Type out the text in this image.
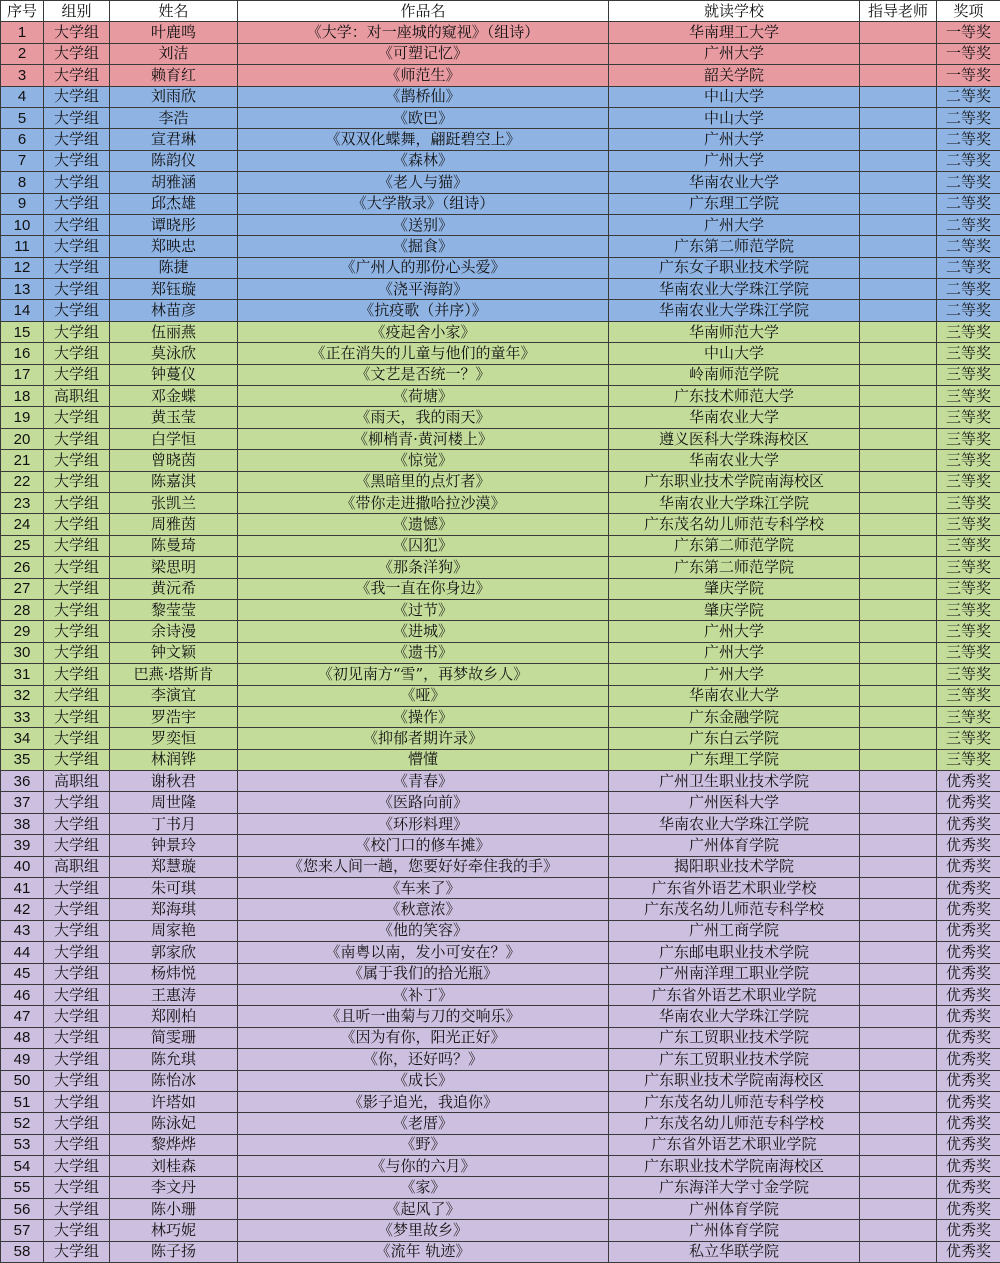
序号	组别	姓名	作品名	就读学校	指导老师	奖项
1	大学组	叶鹿鸣	《大学：对一座城的窥视》（组诗）	华南理工大学		一等奖
2	大学组	刘洁	《可塑记忆》	广州大学		一等奖
3	大学组	赖育红	《师范生》	韶关学院		一等奖
4	大学组	刘雨欣	《鹊桥仙》	中山大学		二等奖
5	大学组	李浩	《欧巴》	中山大学		二等奖
6	大学组	宣君琳	《双双化蝶舞，翩跹碧空上》	广州大学		二等奖
7	大学组	陈韵仪	《森林》	广州大学		二等奖
8	大学组	胡雅涵	《老人与猫》	华南农业大学		二等奖
9	大学组	邱杰雄	《大学散录》（组诗）	广东理工学院		二等奖
10	大学组	谭晓彤	《送别》	广州大学		二等奖
11	大学组	郑映忠	《掘食》	广东第二师范学院		二等奖
12	大学组	陈捷	《广州人的那份心头爱》	广东女子职业技术学院		二等奖
13	大学组	郑钰璇	《浇平海韵》	华南农业大学珠江学院		二等奖
14	大学组	林苗彦	《抗疫歌（并序）》	华南农业大学珠江学院		二等奖
15	大学组	伍丽燕	《疫起舍小家》	华南师范大学		三等奖
16	大学组	莫泳欣	《正在消失的儿童与他们的童年》	中山大学		三等奖
17	大学组	钟蔓仪	《文艺是否统一？》	岭南师范学院		三等奖
18	高职组	邓金蝶	《荷塘》	广东技术师范大学		三等奖
19	大学组	黄玉莹	《雨天，我的雨天》	华南农业大学		三等奖
20	大学组	白学恒	《柳梢青·黄河楼上》	遵义医科大学珠海校区		三等奖
21	大学组	曾晓茵	《惊觉》	华南农业大学		三等奖
22	大学组	陈嘉淇	《黑暗里的点灯者》	广东职业技术学院南海校区		三等奖
23	大学组	张凯兰	《带你走进撒哈拉沙漠》	华南农业大学珠江学院		三等奖
24	大学组	周雅茵	《遗憾》	广东茂名幼儿师范专科学校		三等奖
25	大学组	陈曼琦	《囚犯》	广东第二师范学院		三等奖
26	大学组	梁思明	《那条洋狗》	广东第二师范学院		三等奖
27	大学组	黄沅希	《我一直在你身边》	肇庆学院		三等奖
28	大学组	黎莹莹	《过节》	肇庆学院		三等奖
29	大学组	余诗漫	《进城》	广州大学		三等奖
30	大学组	钟文颖	《遗书》	广州大学		三等奖
31	大学组	巴燕·塔斯肯	《初见南方“雪”，再梦故乡人》	广州大学		三等奖
32	大学组	李演宜	《哑》	华南农业大学		三等奖
33	大学组	罗浩宇	《操作》	广东金融学院		三等奖
34	大学组	罗奕恒	《抑郁者期许录》	广东白云学院		三等奖
35	大学组	林润铧	懵懂	广东理工学院		三等奖
36	高职组	谢秋君	《青春》	广州卫生职业技术学院		优秀奖
37	大学组	周世隆	《医路向前》	广州医科大学		优秀奖
38	大学组	丁书月	《环形料理》	华南农业大学珠江学院		优秀奖
39	大学组	钟景玲	《校门口的修车摊》	广州体育学院		优秀奖
40	高职组	郑慧璇	《您来人间一趟，您要好好牵住我的手》	揭阳职业技术学院		优秀奖
41	大学组	朱可琪	《车来了》	广东省外语艺术职业学校		优秀奖
42	大学组	郑海琪	《秋意浓》	广东茂名幼儿师范专科学校		优秀奖
43	大学组	周家艳	《他的笑容》	广州工商学院		优秀奖
44	大学组	郭家欣	《南粤以南，发小可安在？》	广东邮电职业技术学院		优秀奖
45	大学组	杨炜悦	《属于我们的拾光瓶》	广州南洋理工职业学院		优秀奖
46	大学组	王惠涛	《补丁》	广东省外语艺术职业学院		优秀奖
47	大学组	郑刚柏	《且听一曲菊与刀的交响乐》	华南农业大学珠江学院		优秀奖
48	大学组	简雯珊	《因为有你，阳光正好》	广东工贸职业技术学院		优秀奖
49	大学组	陈允琪	《你，还好吗？》	广东工贸职业技术学院		优秀奖
50	大学组	陈怡冰	《成长》	广东职业技术学院南海校区		优秀奖
51	大学组	许塔如	《影子追光，我追你》	广东茂名幼儿师范专科学校		优秀奖
52	大学组	陈泳妃	《老厝》	广东茂名幼儿师范专科学校		优秀奖
53	大学组	黎烨烨	《野》	广东省外语艺术职业学院		优秀奖
54	大学组	刘桂森	《与你的六月》	广东职业技术学院南海校区		优秀奖
55	大学组	李文丹	《家》	广东海洋大学寸金学院		优秀奖
56	大学组	陈小珊	《起风了》	广州体育学院		优秀奖
57	大学组	林巧妮	《梦里故乡》	广州体育学院		优秀奖
58	大学组	陈子扬	《流年 轨迹》	私立华联学院		优秀奖
